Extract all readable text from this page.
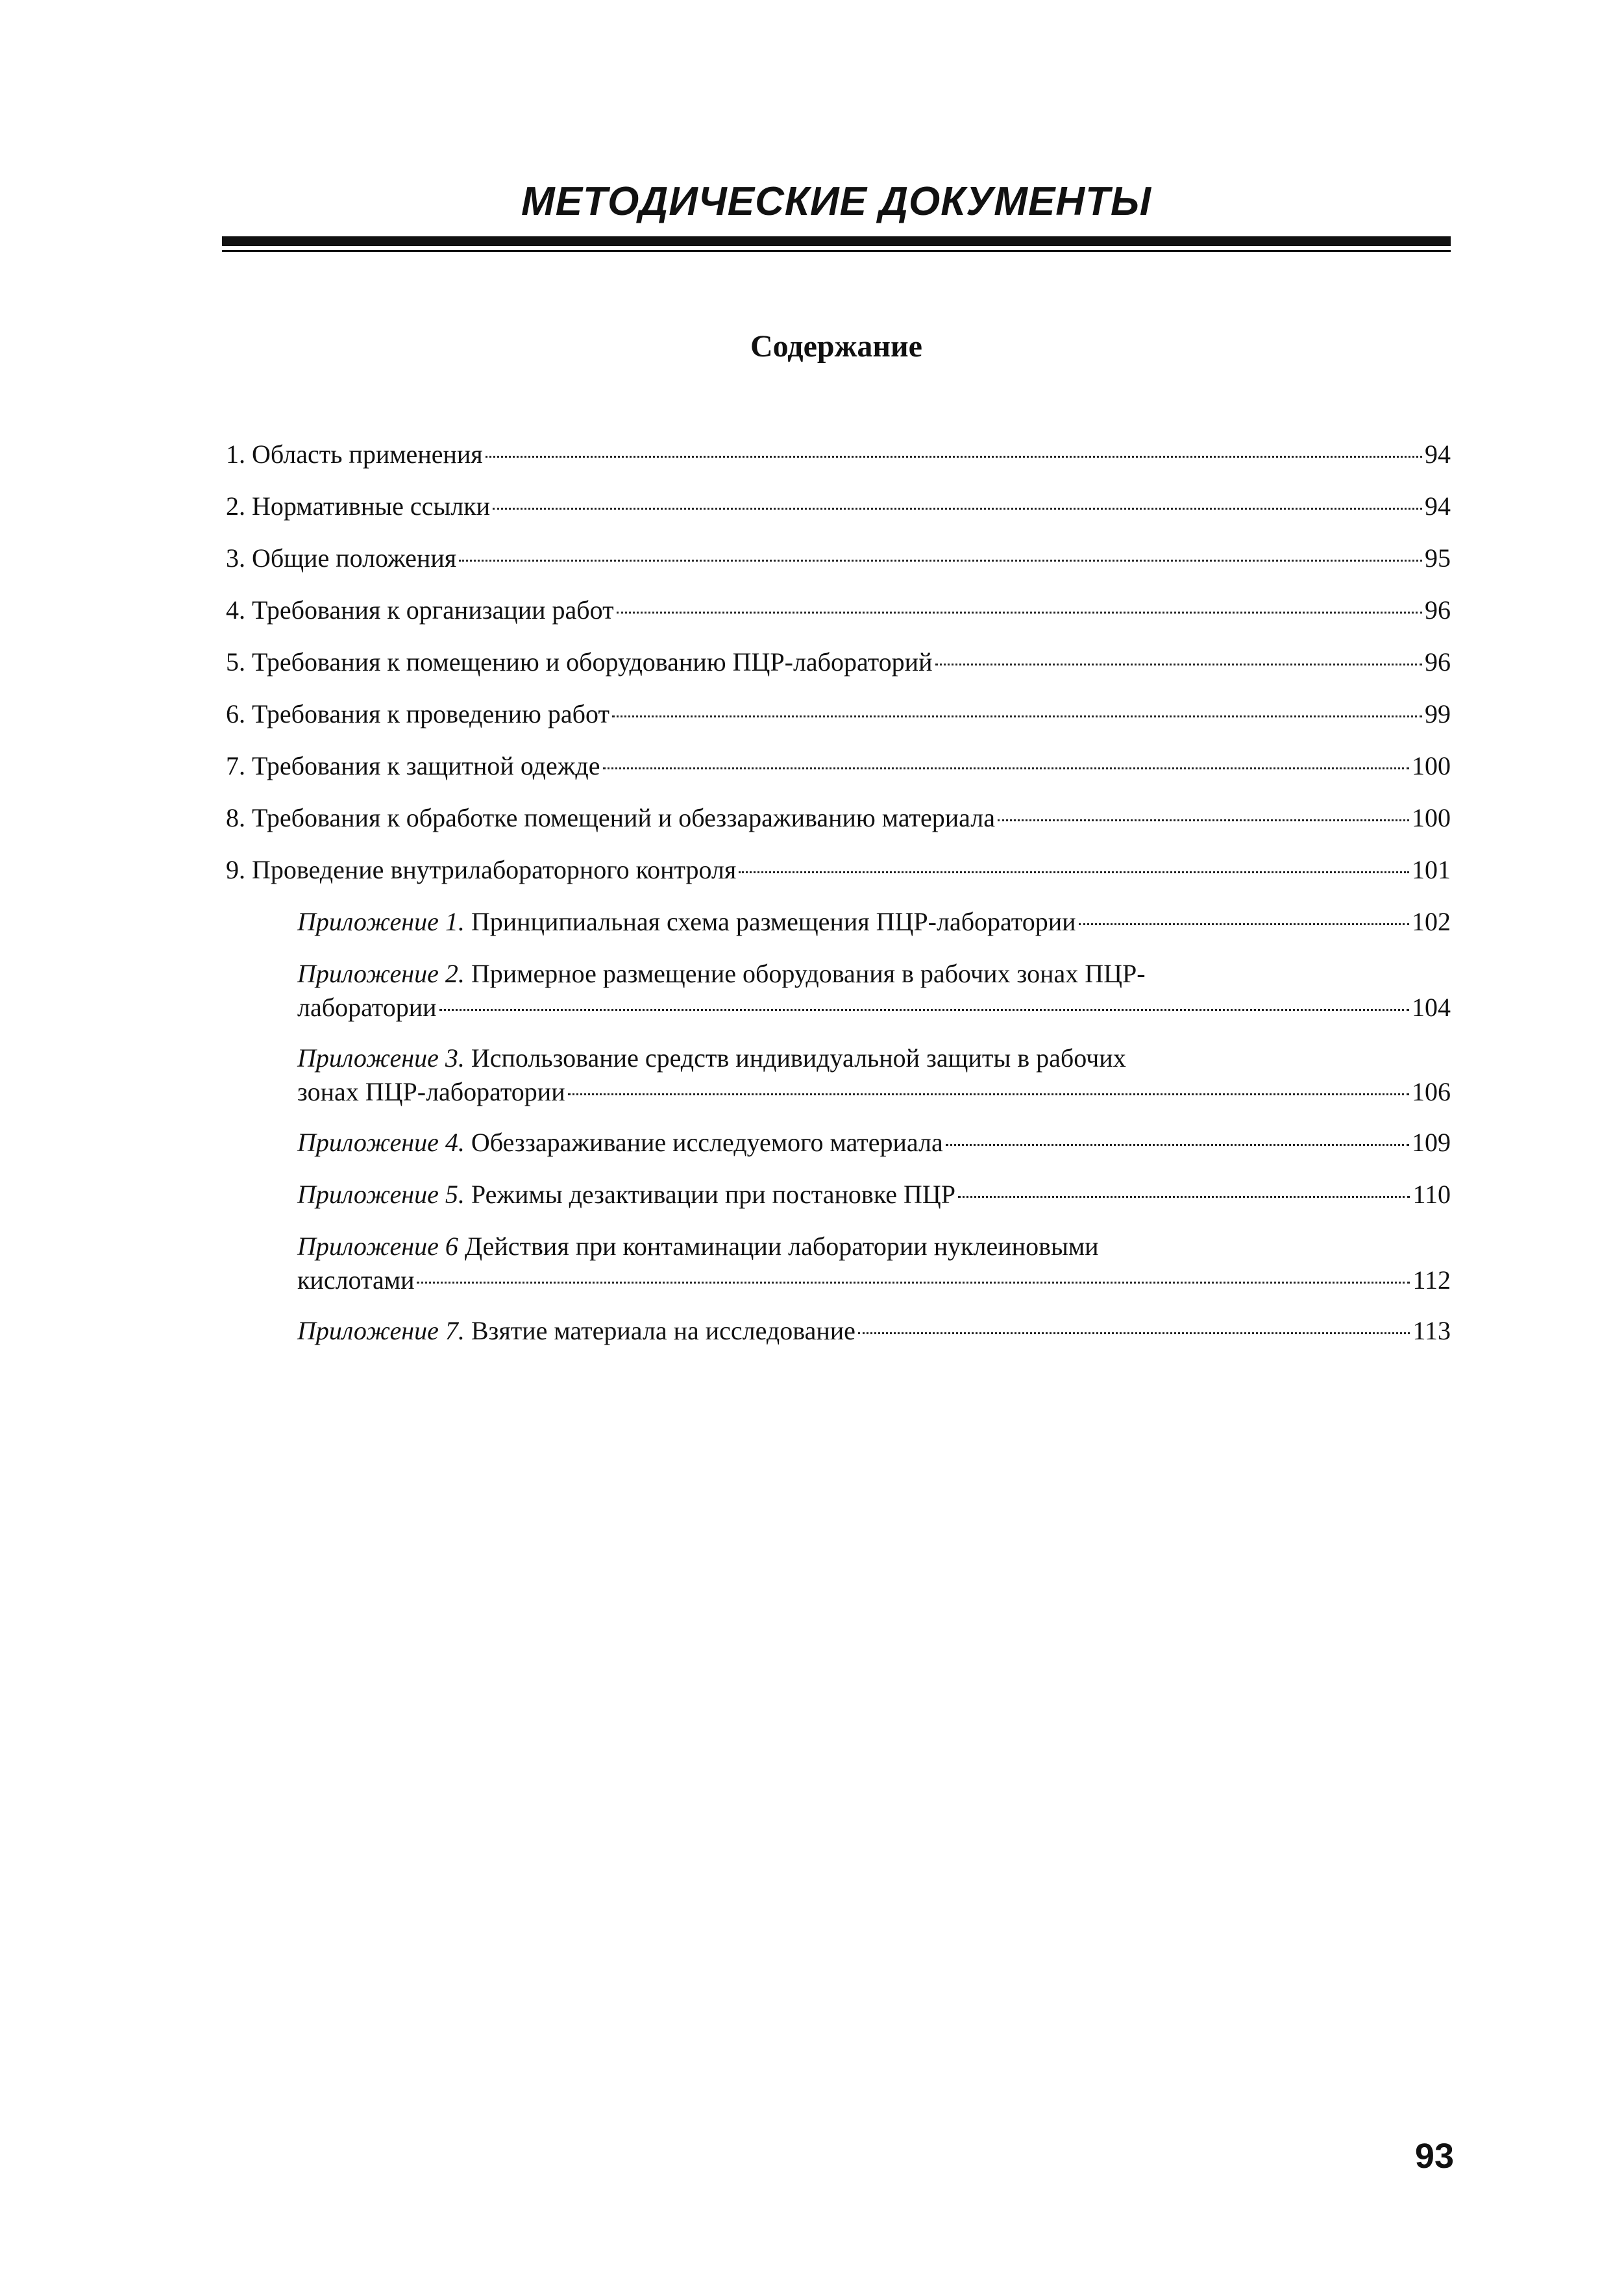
МЕТОДИЧЕСКИЕ ДОКУМЕНТЫ
Содержание
1. Область применения	94
2. Нормативные ссылки	94
3. Общие положения	95
4. Требования к организации работ	96
5. Требования к помещению и оборудованию ПЦР-лабораторий	96
6. Требования к проведению работ	99
7. Требования к защитной одежде	100
8. Требования к обработке помещений и обеззараживанию материала	100
9. Проведение внутрилабораторного контроля	101
Приложение 1. Принципиальная схема размещения ПЦР-лаборатории	102
Приложение 2. Примерное размещение оборудования в рабочих зонах ПЦР-
лаборатории	104
Приложение 3. Использование средств индивидуальной защиты в рабочих
зонах ПЦР-лаборатории	106
Приложение 4. Обеззараживание исследуемого материала	109
Приложение 5. Режимы дезактивации при постановке ПЦР	110
Приложение 6 Действия при контаминации лаборатории нуклеиновыми
кислотами	112
Приложение 7. Взятие материала на исследование	113
93
